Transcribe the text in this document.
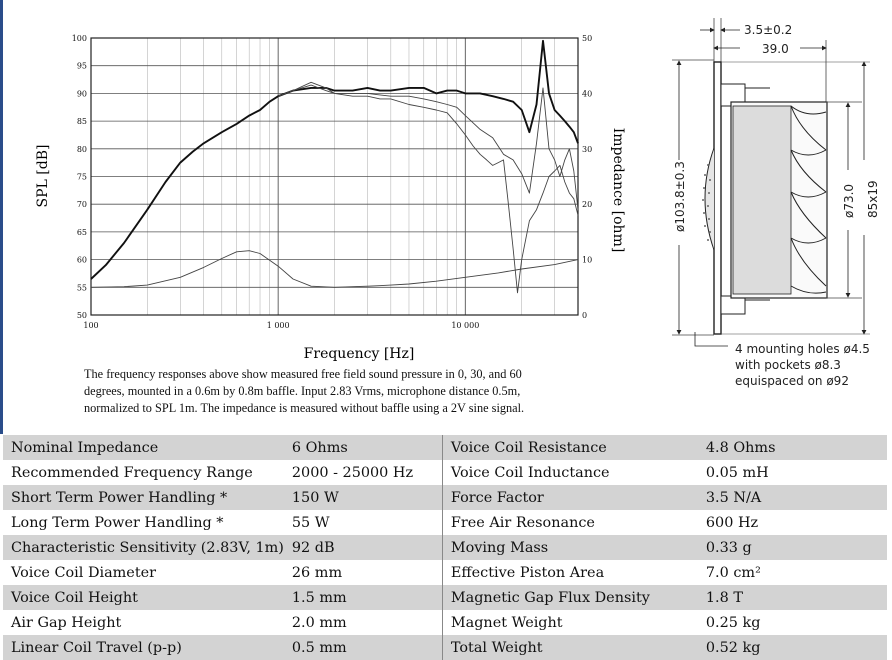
50
55
60
65
70
75
80
85
90
95
100
0
10
20
30
40
50
100	1 000	10 000
Frequency [Hz]
SPL [dB]	Impedance [ohm]
The frequency responses above show measured free field sound pressure in 0, 30, and 60
degrees, mounted in a 0.6m by 0.8m baffle. Input 2.83 Vrms, microphone distance 0.5m,
normalized to SPL 1m. The impedance is measured without baffle using a 2V sine signal.
3.5±0.2
39.0
ø103.8±0.3	ø73.0 85x19
4 mounting holes ø4.5
with pockets ø8.3
equispaced on ø92
Nominal Impedance	6 Ohms	Voice Coil Resistance	4.8 Ohms
Recommended Frequency Range	2000 - 25000 Hz	Voice Coil Inductance	0.05 mH
Short Term Power Handling *	150 W	Force Factor	3.5 N/A
Long Term Power Handling *	55 W	Free Air Resonance	600 Hz
Characteristic Sensitivity (2.83V, 1m)	92 dB	Moving Mass	0.33 g
Voice Coil Diameter	26 mm	Effective Piston Area	7.0 cm²
Voice Coil Height	1.5 mm	Magnetic Gap Flux Density	1.8 T
Air Gap Height	2.0 mm	Magnet Weight	0.25 kg
Linear Coil Travel (p-p)	0.5 mm	Total Weight	0.52 kg
